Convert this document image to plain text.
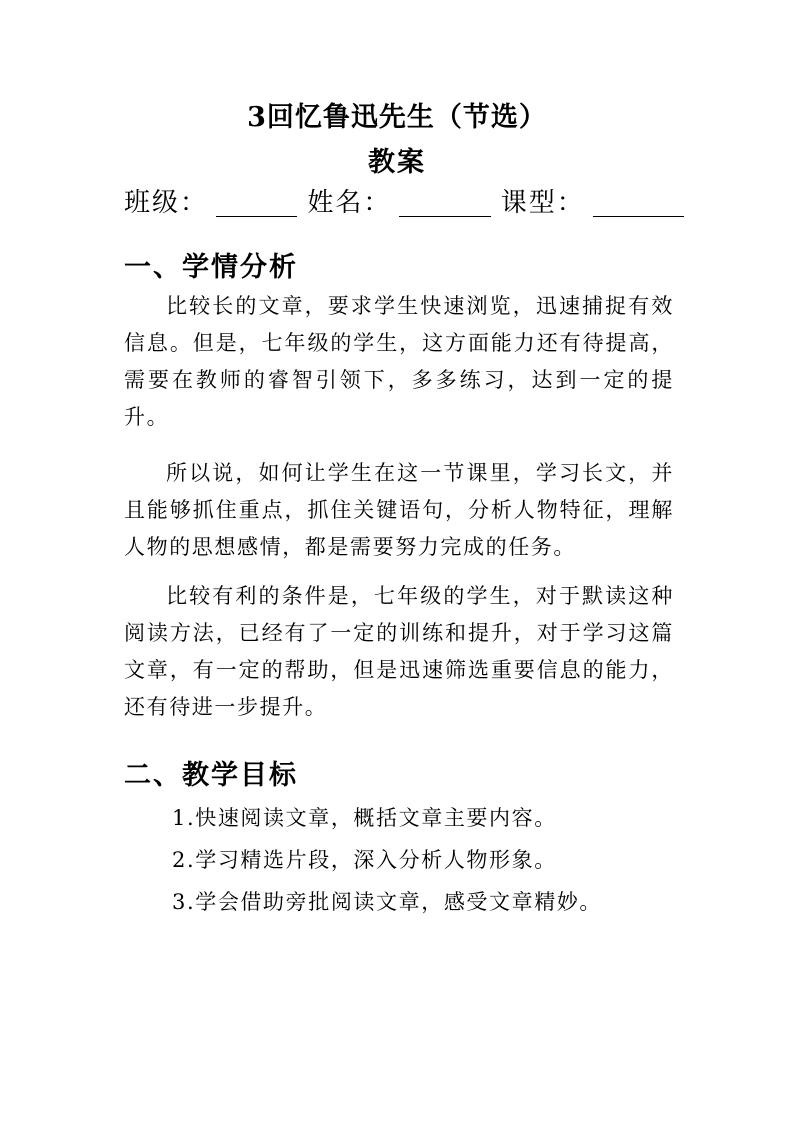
3回忆鲁迅先生（节选）
教案
班级：	姓名：	课型：
一、学情分析
比较长的文章，要求学生快速浏览，迅速捕捉有效信息。但是，七年级的学生，这方面能力还有待提高，需要在教师的睿智引领下，多多练习，达到一定的提升。
所以说，如何让学生在这一节课里，学习长文，并且能够抓住重点，抓住关键语句，分析人物特征，理解人物的思想感情，都是需要努力完成的任务。
比较有利的条件是，七年级的学生，对于默读这种阅读方法，已经有了一定的训练和提升，对于学习这篇文章，有一定的帮助，但是迅速筛选重要信息的能力，还有待进一步提升。
二、教学目标
1.快速阅读文章，概括文章主要内容。
2.学习精选片段，深入分析人物形象。
3.学会借助旁批阅读文章，感受文章精妙。
